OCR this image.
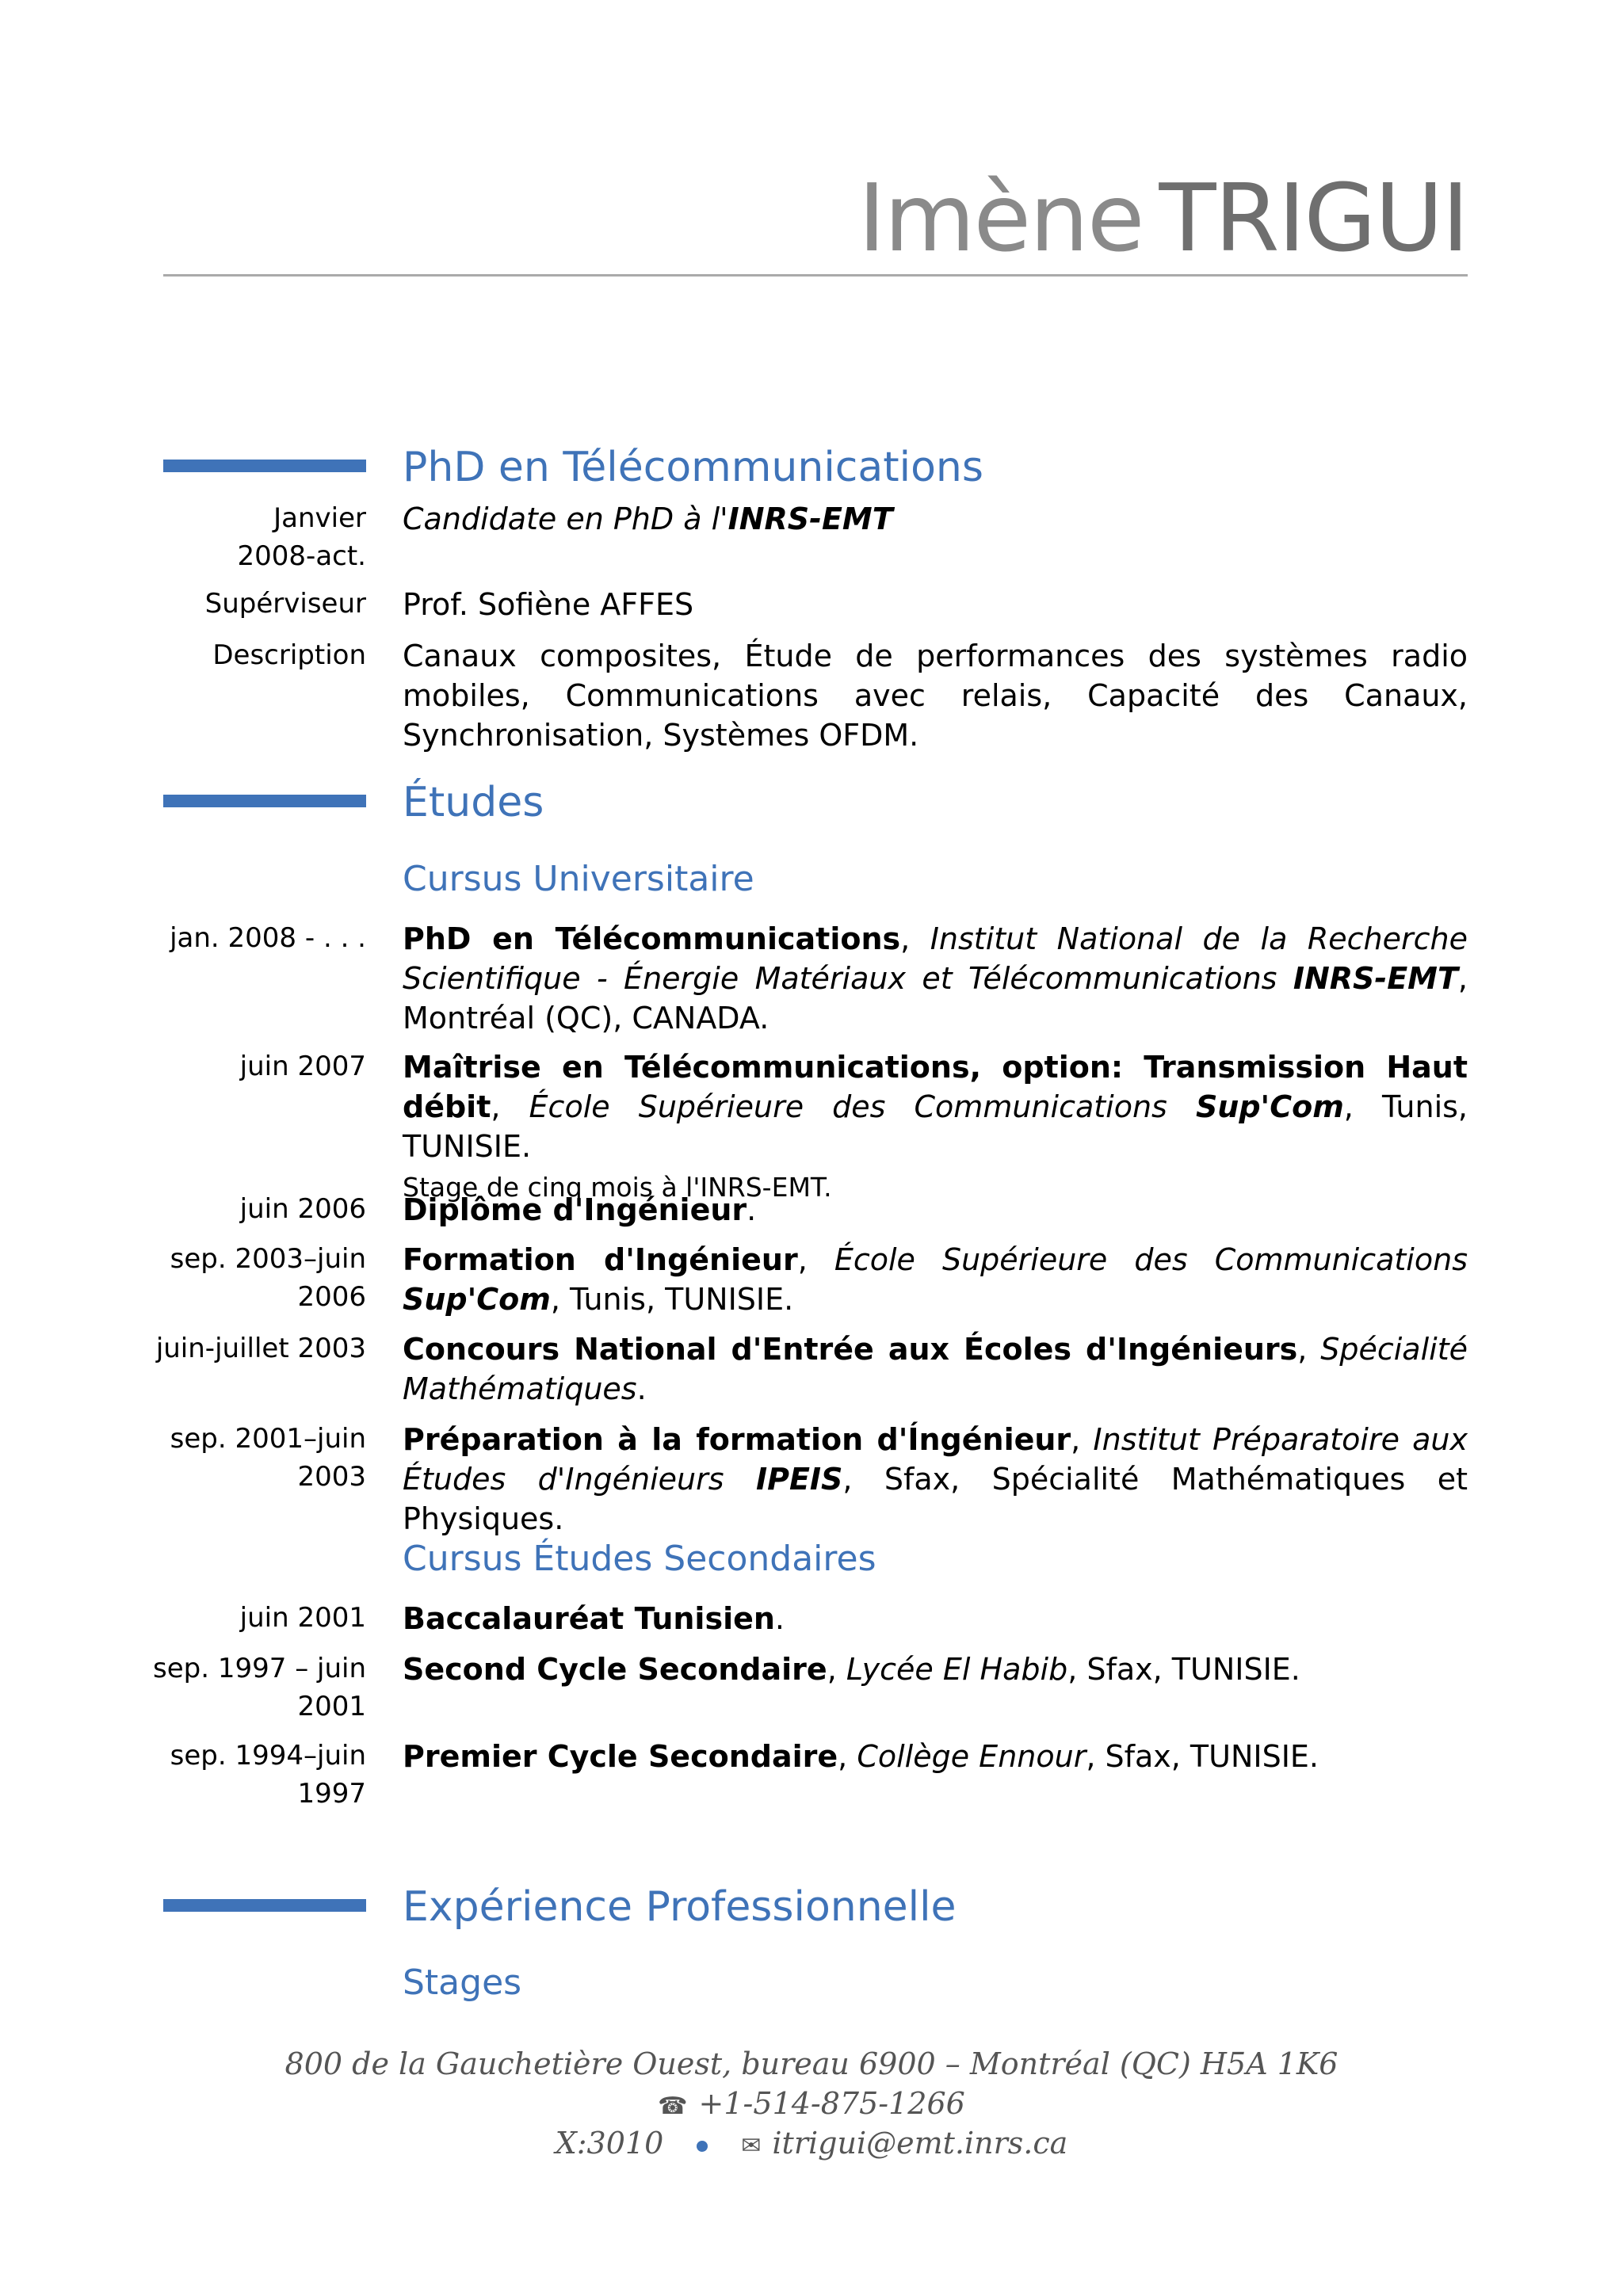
Imène TRIGUI
PhD en Télécommunications
Janvier 2008-act.
Candidate en PhD à l'INRS-EMT
Supérviseur Prof. Sofiène AFFES
Description Canaux composites, Étude de performances des systèmes radio mobiles, Communications avec relais, Capacité des Canaux, Synchronisation, Systèmes OFDM.
Études
Cursus Universitaire
jan. 2008 - . . . PhD en Télécommunications, Institut National de la Recherche Scientifique - Énergie Matériaux et Télécommunications INRS-EMT, Montréal (QC), CANADA.
juin 2007 Maîtrise en Télécommunications, option: Transmission Haut débit, École Supérieure des Communications Sup'Com, Tunis, TUNISIE.
Stage de cinq mois à l'INRS-EMT.
juin 2006 Diplôme d'Ingénieur.
sep. 2003–juin 2006
Formation d'Ingénieur, École Supérieure des Communications Sup'Com, Tunis, TUNISIE.
juin-juillet 2003 Concours National d'Entrée aux Écoles d'Ingénieurs, Spécialité Mathématiques.
sep. 2001–juin 2003
Préparation à la formation d'Íngénieur, Institut Préparatoire aux Études d'Ingénieurs IPEIS, Sfax, Spécialité Mathématiques et Physiques.
Cursus Études Secondaires
juin 2001 Baccalauréat Tunisien.
sep. 1997 – juin 2001
Second Cycle Secondaire, Lycée El Habib, Sfax, TUNISIE.
sep. 1994–juin 1997
Premier Cycle Secondaire, Collège Ennour, Sfax, TUNISIE.
Expérience Professionnelle
Stages
800 de la Gauchetière Ouest, bureau 6900 – Montréal (QC) H5A 1K6
☎ +1-514-875-1266
X:3010	✉ itrigui@emt.inrs.ca
